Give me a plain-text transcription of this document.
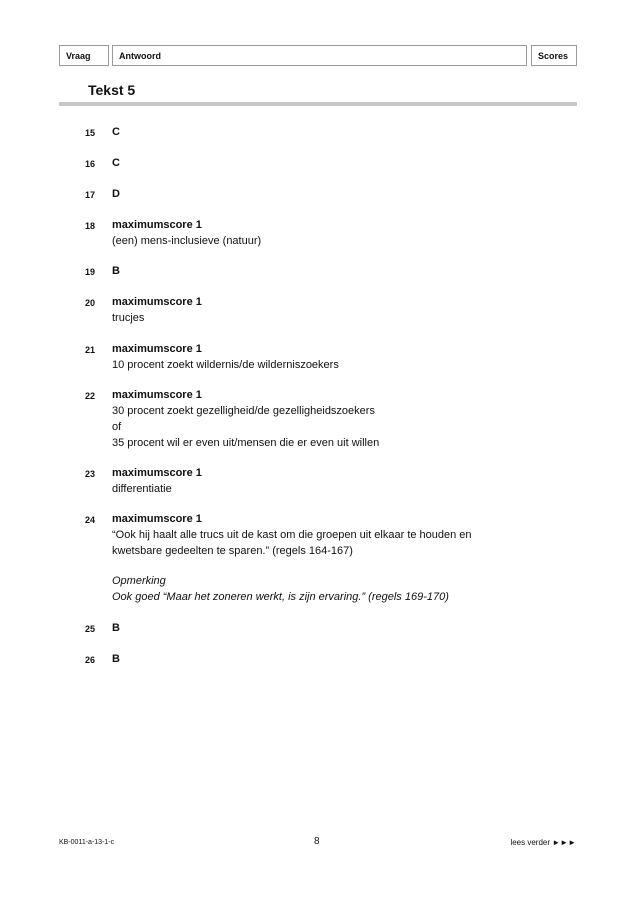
Vraag	Antwoord	Scores
Tekst 5
15 C
16 C
17 D
18 maximumscore 1
(een) mens-inclusieve (natuur)
19 B
20 maximumscore 1
trucjes
21 maximumscore 1
10 procent zoekt wildernis/de wilderniszoekers
22 maximumscore 1
30 procent zoekt gezelligheid/de gezelligheidszoekers
of
35 procent wil er even uit/mensen die er even uit willen
23 maximumscore 1
differentiatie
24 maximumscore 1
“Ook hij haalt alle trucs uit de kast om die groepen uit elkaar te houden en
kwetsbare gedeelten te sparen.” (regels 164-167)
Opmerking
Ook goed “Maar het zoneren werkt, is zijn ervaring.” (regels 169-170)
25 B
26 B
KB-0011-a-13-1-c	8	lees verder ►►►
